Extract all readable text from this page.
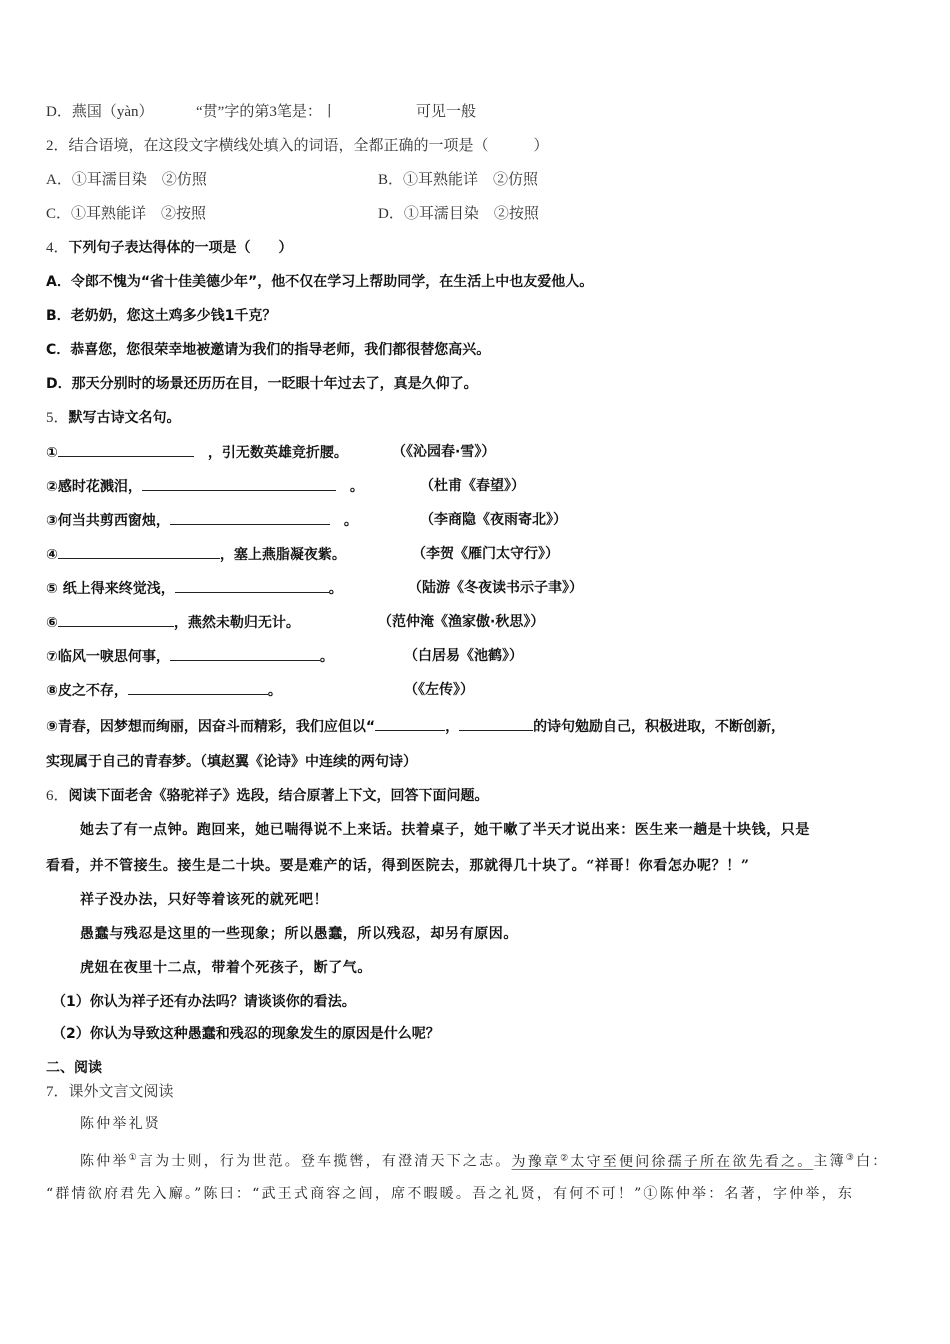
D．燕国（yàn）	“贯”字的第3笔是：丨	可见一般
2．结合语境，在这段文字横线处填入的词语，全都正确的一项是（　　　）
A．①耳濡目染　②仿照	B．①耳熟能详　②仿照
C．①耳熟能详　②按照	D．①耳濡目染　②按照
4．下列句子表达得体的一项是（　　）
A．令郎不愧为“省十佳美德少年”，他不仅在学习上帮助同学，在生活上中也友爱他人。
B．老奶奶，您这土鸡多少钱1千克？
C．恭喜您，您很荣幸地被邀请为我们的指导老师，我们都很替您高兴。
D．那天分别时的场景还历历在目，一眨眼十年过去了，真是久仰了。
5．默写古诗文名句。
①	　，引无数英雄竞折腰。	（《沁园春·雪》）
②感时花溅泪，	　。	（杜甫《春望》）
③何当共剪西窗烛，	　。	（李商隐《夜雨寄北》）
④	，塞上燕脂凝夜紫。	（李贺《雁门太守行》）
⑤ 纸上得来终觉浅，	。	（陆游《冬夜读书示子聿》）
⑥	，燕然未勒归无计。	（范仲淹《渔家傲·秋思》）
⑦临风一唳思何事，	。	（白居易《池鹤》）
⑧皮之不存，	。	（《左传》）
⑨青春，因梦想而绚丽，因奋斗而精彩，我们应但以“	，	的诗句勉励自己，积极进取，不断创新，
实现属于自己的青春梦。（填赵翼《论诗》中连续的两句诗）
6．阅读下面老舍《骆驼祥子》选段，结合原著上下文，回答下面问题。
她去了有一点钟。跑回来，她已喘得说不上来话。扶着桌子，她干嗽了半天才说出来：医生来一趟是十块钱，只是
看看，并不管接生。接生是二十块。要是难产的话，得到医院去，那就得几十块了。“祥哥！你看怎办呢？！”
祥子没办法，只好等着该死的就死吧！
愚蠢与残忍是这里的一些现象；所以愚蠢，所以残忍，却另有原因。
虎妞在夜里十二点，带着个死孩子，断了气。
（1）你认为祥子还有办法吗？请谈谈你的看法。
（2）你认为导致这种愚蠢和残忍的现象发生的原因是什么呢？
二、阅读
7．课外文言文阅读
陈仲举礼贤
陈仲举①言为士则，行为世范。登车揽辔，有澄清天下之志。为豫章②太守至便问徐孺子所在欲先看之。主簿③白：
“群情欲府君先入廨。”陈曰：“武王式商容之闾，席不暇暖。吾之礼贤，有何不可！”①陈仲举：名著，字仲举，东
